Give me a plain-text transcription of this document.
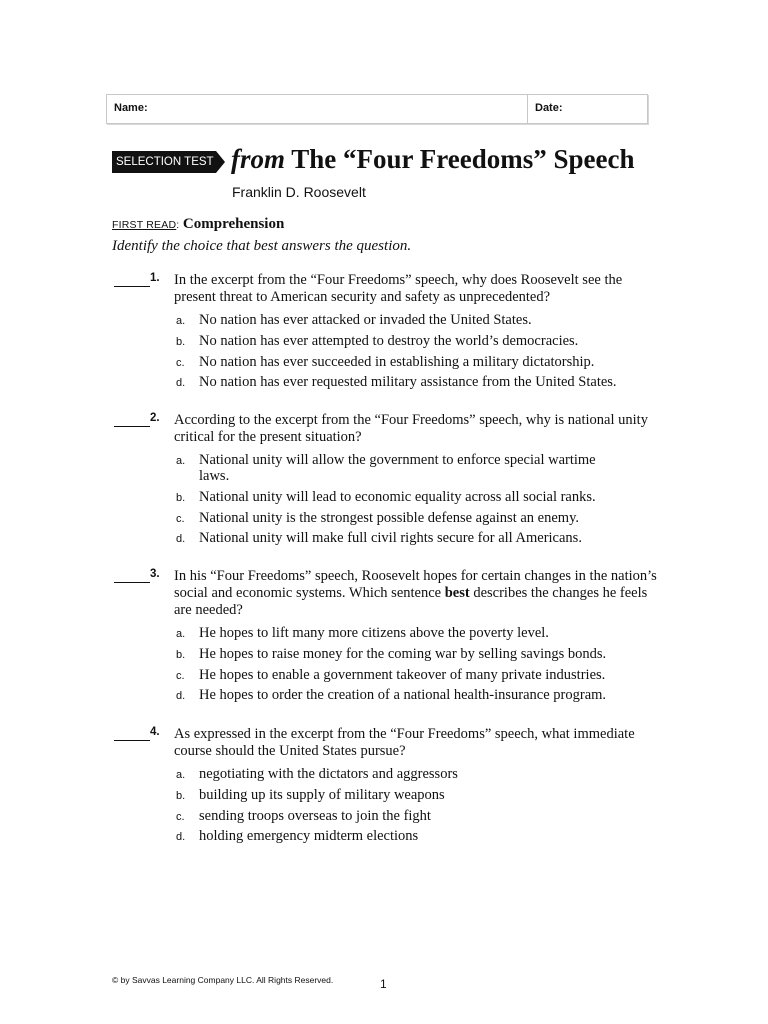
Name:	Date:
SELECTION TEST from The “Four Freedoms” Speech
Franklin D. Roosevelt
FIRST READ: Comprehension
Identify the choice that best answers the question.
1. In the excerpt from the “Four Freedoms” speech, why does Roosevelt see the present threat to American security and safety as unprecedented?
a. No nation has ever attacked or invaded the United States.
b. No nation has ever attempted to destroy the world’s democracies.
c. No nation has ever succeeded in establishing a military dictatorship.
d. No nation has ever requested military assistance from the United States.
2. According to the excerpt from the “Four Freedoms” speech, why is national unity critical for the present situation?
a. National unity will allow the government to enforce special wartime laws.
b. National unity will lead to economic equality across all social ranks.
c. National unity is the strongest possible defense against an enemy.
d. National unity will make full civil rights secure for all Americans.
3. In his “Four Freedoms” speech, Roosevelt hopes for certain changes in the nation’s social and economic systems. Which sentence best describes the changes he feels are needed?
a. He hopes to lift many more citizens above the poverty level.
b. He hopes to raise money for the coming war by selling savings bonds.
c. He hopes to enable a government takeover of many private industries.
d. He hopes to order the creation of a national health-insurance program.
4. As expressed in the excerpt from the “Four Freedoms” speech, what immediate course should the United States pursue?
a. negotiating with the dictators and aggressors
b. building up its supply of military weapons
c. sending troops overseas to join the fight
d. holding emergency midterm elections
© by Savvas Learning Company LLC. All Rights Reserved.	1
